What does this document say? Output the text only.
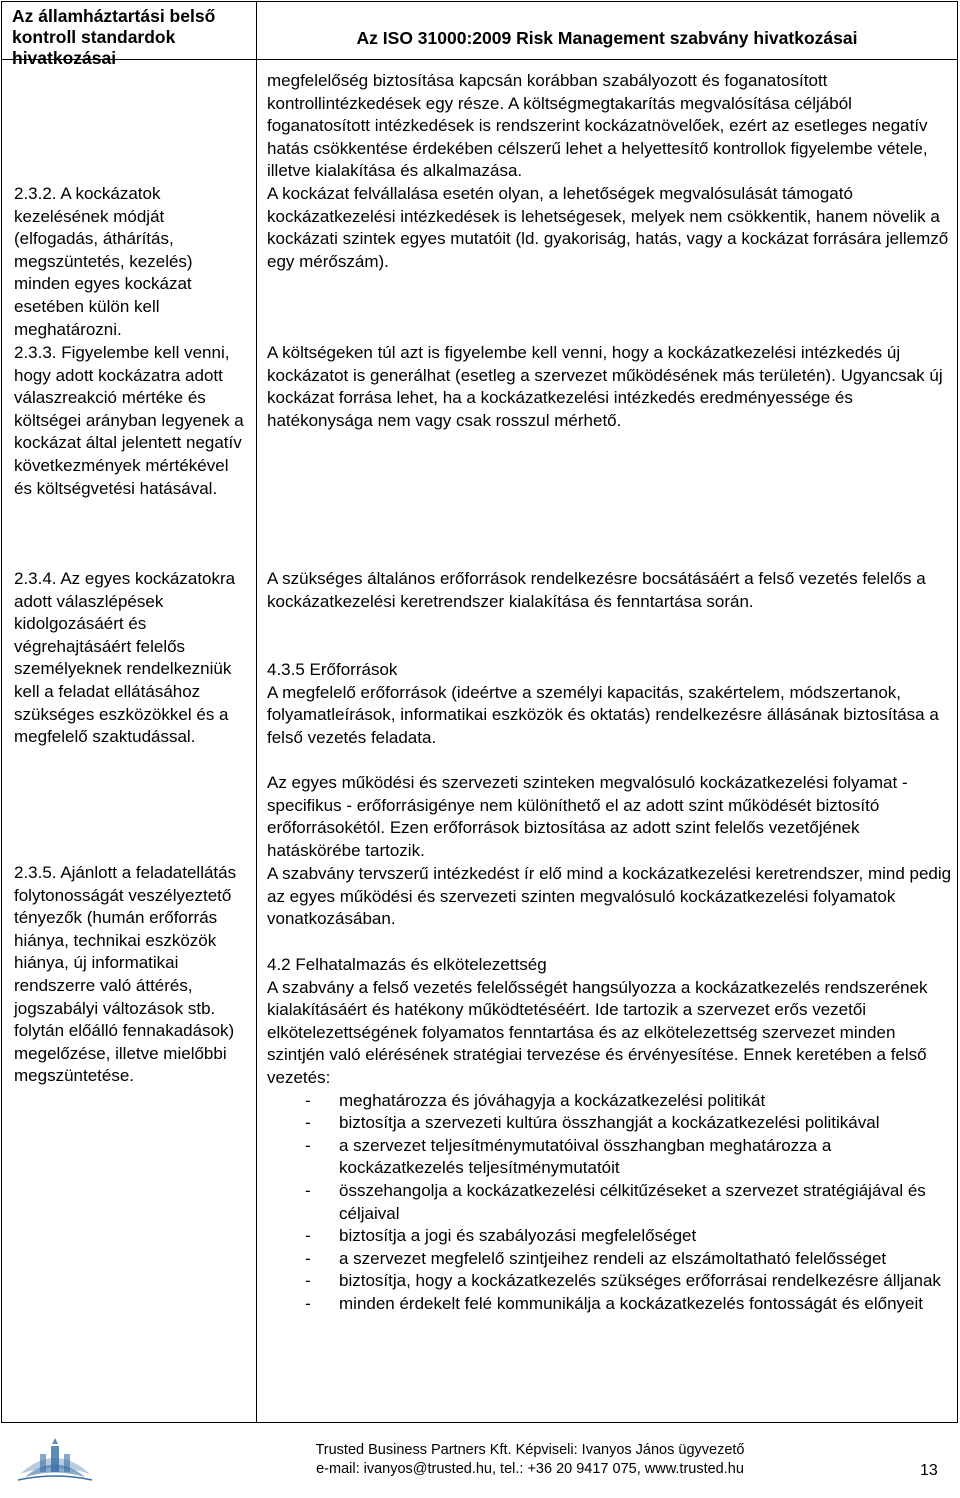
Az államháztartási belső kontroll standardok hivatkozásai
Az ISO 31000:2009 Risk Management szabvány hivatkozásai

2.3.2. A kockázatok kezelésének módját (elfogadás, áthárítás, megszüntetés, kezelés) minden egyes kockázat esetében külön kell meghatározni.

2.3.3. Figyelembe kell venni, hogy adott kockázatra adott válaszreakció mértéke és költségei arányban legyenek a kockázat által jelentett negatív következmények mértékével és költségvetési hatásával.

2.3.4. Az egyes kockázatokra adott válaszlépések kidolgozásáért és végrehajtásáért felelős személyeknek rendelkezniük kell a feladat ellátásához szükséges eszközökkel és a megfelelő szaktudással.

2.3.5. Ajánlott a feladatellátás folytonosságát veszélyeztető tényezők (humán erőforrás hiánya, technikai eszközök hiánya, új informatikai rendszerre való áttérés, jogszabályi változások stb. folytán előálló fennakadások) megelőzése, illetve mielőbbi megszüntetése.

megfelelőség biztosítása kapcsán korábban szabályozott és foganatosított kontrollintézkedések egy része. A költségmegtakarítás megvalósítása céljából foganatosított intézkedések is rendszerint kockázatnövelőek, ezért az esetleges negatív hatás csökkentése érdekében célszerű lehet a helyettesítő kontrollok figyelembe vétele, illetve kialakítása és alkalmazása.

A kockázat felvállalása esetén olyan, a lehetőségek megvalósulását támogató kockázatkezelési intézkedések is lehetségesek, melyek nem csökkentik, hanem növelik a kockázati szintek egyes mutatóit (ld. gyakoriság, hatás, vagy a kockázat forrására jellemző egy mérőszám).

A költségeken túl azt is figyelembe kell venni, hogy a kockázatkezelési intézkedés új kockázatot is generálhat (esetleg a szervezet működésének más területén). Ugyancsak új kockázat forrása lehet, ha a kockázatkezelési intézkedés eredményessége és hatékonysága nem vagy csak rosszul mérhető.

A szükséges általános erőforrások rendelkezésre bocsátásáért a felső vezetés felelős a kockázatkezelési keretrendszer kialakítása és fenntartása során.

4.3.5 Erőforrások

A megfelelő erőforrások (ideértve a személyi kapacitás, szakértelem, módszertanok, folyamatleírások, informatikai eszközök és oktatás) rendelkezésre állásának biztosítása a felső vezetés feladata.

Az egyes működési és szervezeti szinteken megvalósuló kockázatkezelési folyamat - specifikus - erőforrásigénye nem különíthető el az adott szint működését biztosító erőforrásokétól. Ezen erőforrások biztosítása az adott szint felelős vezetőjének hatáskörébe tartozik.

A szabvány tervszerű intézkedést ír elő mind a kockázatkezelési keretrendszer, mind pedig az egyes működési és szervezeti szinten megvalósuló kockázatkezelési folyamatok vonatkozásában.

4.2 Felhatalmazás és elkötelezettség

A szabvány a felső vezetés felelősségét hangsúlyozza a kockázatkezelés rendszerének kialakításáért és hatékony működtetéséért. Ide tartozik a szervezet erős vezetői elkötelezettségének folyamatos fenntartása és az elkötelezettség szervezet minden szintjén való elérésének stratégiai tervezése és érvényesítése. Ennek keretében a felső vezetés:

- meghatározza és jóváhagyja a kockázatkezelési politikát
- biztosítja a szervezeti kultúra összhangját a kockázatkezelési politikával
- a szervezet teljesítménymutatóival összhangban meghatározza a kockázatkezelés teljesítménymutatóit
- összehangolja a kockázatkezelési célkitűzéseket a szervezet stratégiájával és céljaival
- biztosítja a jogi és szabályozási megfelelőséget
- a szervezet megfelelő szintjeihez rendeli az elszámoltatható felelősséget
- biztosítja, hogy a kockázatkezelés szükséges erőforrásai rendelkezésre álljanak
- minden érdekelt felé kommunikálja a kockázatkezelés fontosságát és előnyeit
Trusted Business Partners Kft. Képviseli: Ivanyos János ügyvezető
e-mail: ivanyos@trusted.hu, tel.: +36 20 9417 075, www.trusted.hu	13
